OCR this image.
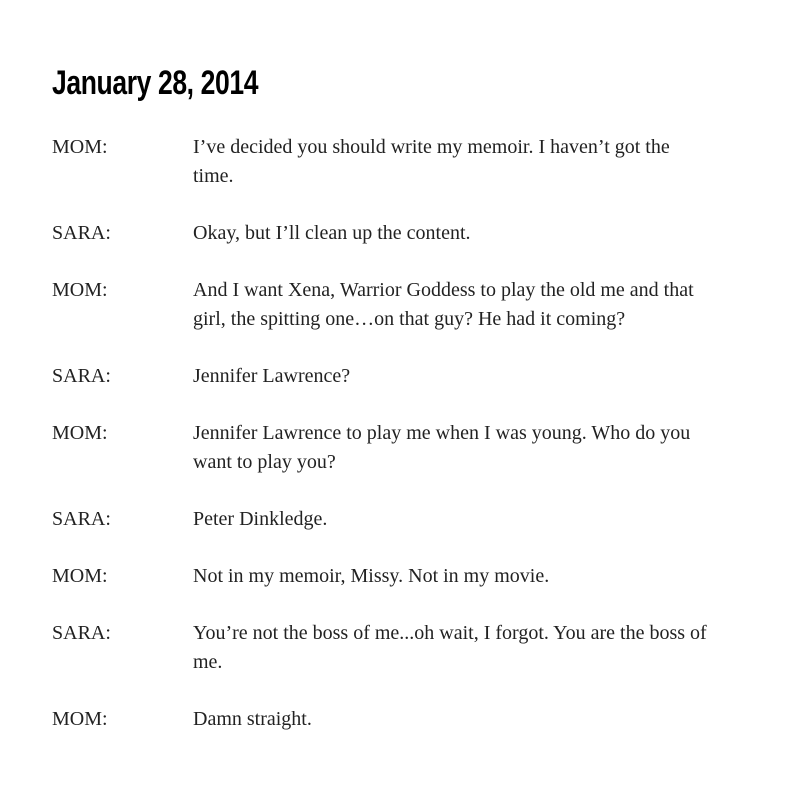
January 28, 2014
MOM:	I’ve decided you should write my memoir. I haven’t got the time.
SARA:	Okay, but I’ll clean up the content.
MOM:	And I want Xena, Warrior Goddess to play the old me and that girl, the spitting one…on that guy? He had it coming?
SARA:	Jennifer Lawrence?
MOM:	Jennifer Lawrence to play me when I was young. Who do you want to play you?
SARA:	Peter Dinkledge.
MOM:	Not in my memoir, Missy. Not in my movie.
SARA:	You’re not the boss of me...oh wait, I forgot. You are the boss of me.
MOM:	Damn straight.
